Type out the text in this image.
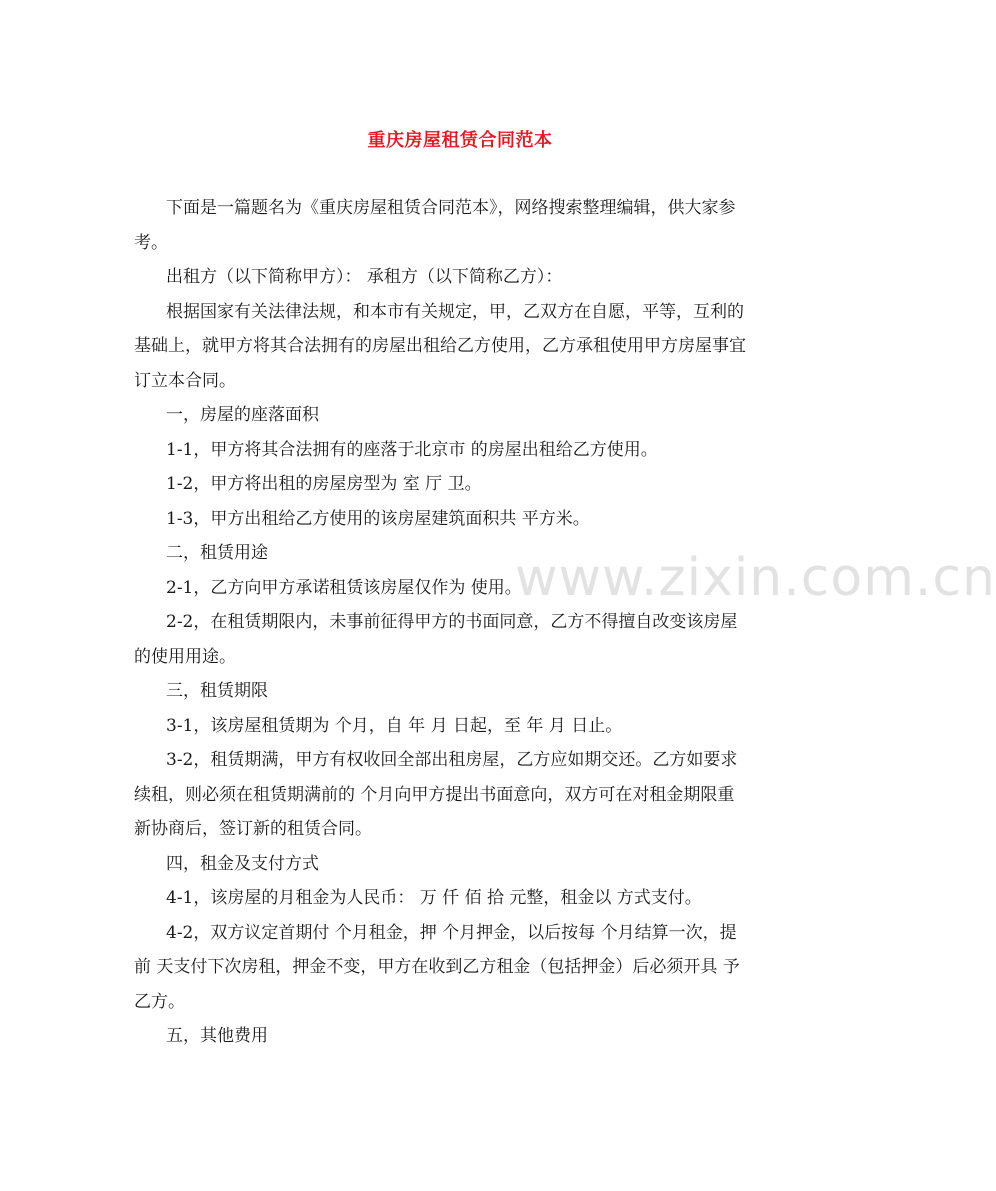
重庆房屋租赁合同范本

下面是一篇题名为《重庆房屋租赁合同范本》，网络搜索整理编辑，供大家参

考。

出租方（以下简称甲方）： 承租方（以下简称乙方）：

根据国家有关法律法规，和本市有关规定，甲，乙双方在自愿，平等，互利的

基础上，就甲方将其合法拥有的房屋出租给乙方使用，乙方承租使用甲方房屋事宜

订立本合同。

一，房屋的座落面积

1-1，甲方将其合法拥有的座落于北京市 的房屋出租给乙方使用。

1-2，甲方将出租的房屋房型为 室 厅 卫。

1-3，甲方出租给乙方使用的该房屋建筑面积共 平方米。

二，租赁用途

2-1，乙方向甲方承诺租赁该房屋仅作为 使用。

2-2，在租赁期限内，未事前征得甲方的书面同意，乙方不得擅自改变该房屋

的使用用途。

三，租赁期限

3-1，该房屋租赁期为 个月，自 年 月 日起，至 年 月 日止。

3-2，租赁期满，甲方有权收回全部出租房屋，乙方应如期交还。乙方如要求

续租，则必须在租赁期满前的 个月向甲方提出书面意向，双方可在对租金期限重

新协商后，签订新的租赁合同。

四，租金及支付方式

4-1，该房屋的月租金为人民币： 万 仟 佰 拾 元整，租金以 方式支付。

4-2，双方议定首期付 个月租金，押 个月押金，以后按每 个月结算一次，提

前 天支付下次房租，押金不变，甲方在收到乙方租金（包括押金）后必须开具 予

乙方。

五，其他费用

www.zixin.com.cn
